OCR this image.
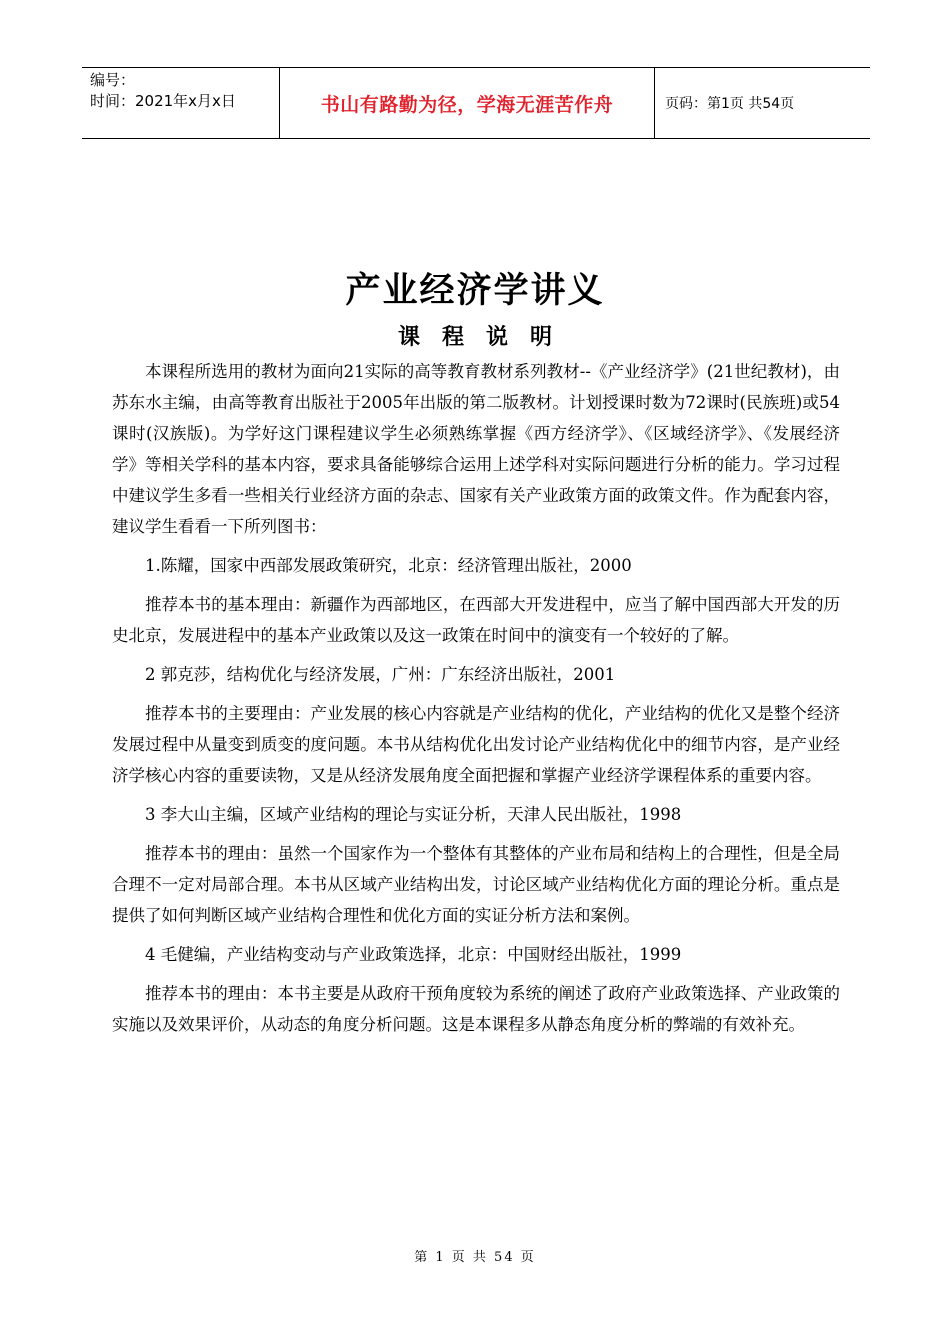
编号：
时间：2021年x月x日	书山有路勤为径，学海无涯苦作舟	页码：第1页 共54页
产业经济学讲义
课程说明

本课程所选用的教材为面向21实际的高等教育教材系列教材--《产业经济学》(21世纪教材)，由苏东水主编，由高等教育出版社于2005年出版的第二版教材。计划授课时数为72课时(民族班)或54课时(汉族版)。为学好这门课程建议学生必须熟练掌握《西方经济学》、《区域经济学》、《发展经济学》等相关学科的基本内容，要求具备能够综合运用上述学科对实际问题进行分析的能力。学习过程中建议学生多看一些相关行业经济方面的杂志、国家有关产业政策方面的政策文件。作为配套内容，建议学生看看一下所列图书：

1.陈耀，国家中西部发展政策研究，北京：经济管理出版社，2000

推荐本书的基本理由：新疆作为西部地区，在西部大开发进程中，应当了解中国西部大开发的历史北京，发展进程中的基本产业政策以及这一政策在时间中的演变有一个较好的了解。

2 郭克莎，结构优化与经济发展，广州：广东经济出版社，2001

推荐本书的主要理由：产业发展的核心内容就是产业结构的优化，产业结构的优化又是整个经济发展过程中从量变到质变的度问题。本书从结构优化出发讨论产业结构优化中的细节内容，是产业经济学核心内容的重要读物，又是从经济发展角度全面把握和掌握产业经济学课程体系的重要内容。

3 李大山主编，区域产业结构的理论与实证分析，天津人民出版社，1998

推荐本书的理由：虽然一个国家作为一个整体有其整体的产业布局和结构上的合理性，但是全局合理不一定对局部合理。本书从区域产业结构出发，讨论区域产业结构优化方面的理论分析。重点是提供了如何判断区域产业结构合理性和优化方面的实证分析方法和案例。

4 毛健编，产业结构变动与产业政策选择，北京：中国财经出版社，1999

推荐本书的理由：本书主要是从政府干预角度较为系统的阐述了政府产业政策选择、产业政策的实施以及效果评价，从动态的角度分析问题。这是本课程多从静态角度分析的弊端的有效补充。

第 1 页 共 54 页
